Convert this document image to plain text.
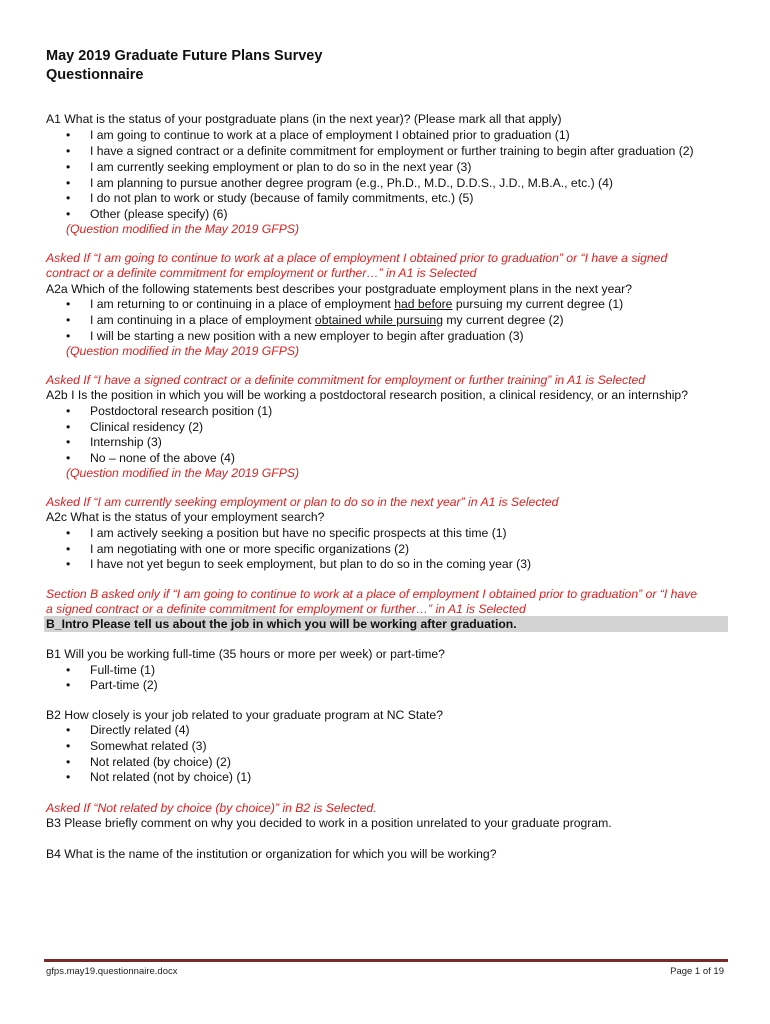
May 2019 Graduate Future Plans Survey
Questionnaire
A1 What is the status of your postgraduate plans (in the next year)? (Please mark all that apply)
• I am going to continue to work at a place of employment I obtained prior to graduation (1)
• I have a signed contract or a definite commitment for employment or further training to begin after graduation (2)
• I am currently seeking employment or plan to do so in the next year (3)
• I am planning to pursue another degree program (e.g., Ph.D., M.D., D.D.S., J.D., M.B.A., etc.) (4)
• I do not plan to work or study (because of family commitments, etc.) (5)
• Other (please specify) (6)
(Question modified in the May 2019 GFPS)
Asked If “I am going to continue to work at a place of employment I obtained prior to graduation” or “I have a signed
contract or a definite commitment for employment or further…” in A1 is Selected
A2a Which of the following statements best describes your postgraduate employment plans in the next year?
• I am returning to or continuing in a place of employment had before pursuing my current degree (1)
• I am continuing in a place of employment obtained while pursuing my current degree (2)
• I will be starting a new position with a new employer to begin after graduation (3)
(Question modified in the May 2019 GFPS)
Asked If “I have a signed contract or a definite commitment for employment or further training” in A1 is Selected
A2b I Is the position in which you will be working a postdoctoral research position, a clinical residency, or an internship?
• Postdoctoral research position (1)
• Clinical residency (2)
• Internship (3)
• No – none of the above (4)
(Question modified in the May 2019 GFPS)
Asked If “I am currently seeking employment or plan to do so in the next year” in A1 is Selected
A2c What is the status of your employment search?
• I am actively seeking a position but have no specific prospects at this time (1)
• I am negotiating with one or more specific organizations (2)
• I have not yet begun to seek employment, but plan to do so in the coming year (3)
Section B asked only if “I am going to continue to work at a place of employment I obtained prior to graduation” or “I have
a signed contract or a definite commitment for employment or further…” in A1 is Selected
B_Intro Please tell us about the job in which you will be working after graduation.
B1 Will you be working full-time (35 hours or more per week) or part-time?
• Full-time (1)
• Part-time (2)
B2 How closely is your job related to your graduate program at NC State?
• Directly related (4)
• Somewhat related (3)
• Not related (by choice) (2)
• Not related (not by choice) (1)
Asked If “Not related by choice (by choice)” in B2 is Selected.
B3 Please briefly comment on why you decided to work in a position unrelated to your graduate program.
B4 What is the name of the institution or organization for which you will be working?
gfps.may19.questionnaire.docx	Page 1 of 19
